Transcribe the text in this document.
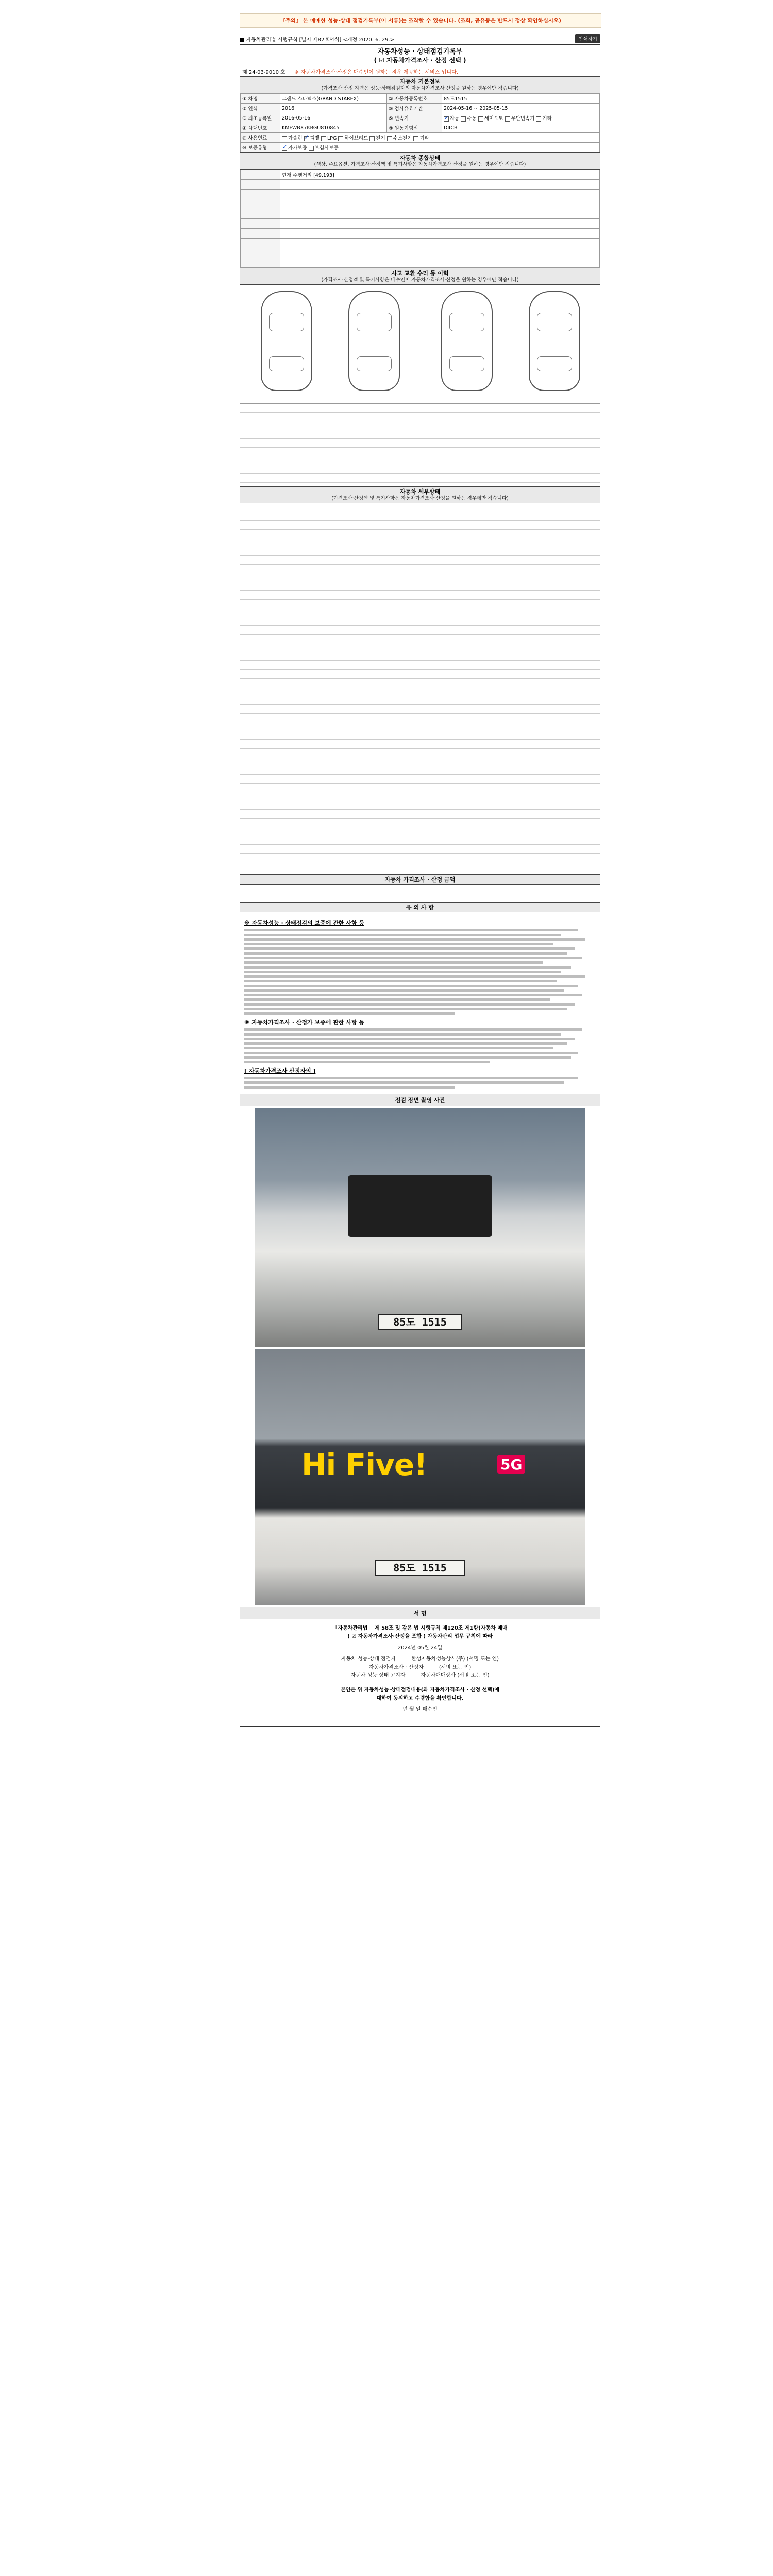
『주의』 본 매매한 성능·상태 점검기록부(이 서류)는 조작할 수 있습니다. (조회, 공유등은 반드시 정상 확인하십시오)
■ 자동차관리법 시행규칙 [별지 제82호서식] <개정 2020. 6. 29.>	인쇄하기
자동차성능 · 상태점검기록부
( ☑ 자동차가격조사 · 산정 선택 )
제 24-03-9010 호 ※ 자동차가격조사·산정은 매수인이 원하는 경우 제공하는 서비스 입니다.
자동차 기본정보
(가격조사·산정 자격은 성능·상태점검자의 자동차가격조사 산정을 원하는 경우에만 적습니다)
① 차명	그랜드 스타렉스(GRAND STAREX)	② 자동차등록번호	85도1515
② 연식	2016	③ 검사유효기간	2024-05-16 ~ 2025-05-15
③ 최초등록일	2016-05-16	⑤ 변속기	✓자동 수동 세미오토 무단변속기 기타
④ 차대번호	KMFWBX7KBGU810845	⑨ 원동기형식	D4CB
⑥ 사용연료	가솔린 ✓ 디젤 LPG 하이브리드 전기 수소전기 기타
⑩ 보증유형	✓자가보증 보험사보증
자동차 종합상태
(색상, 주요옵션, 가격조사·산정액 및 특기사항은 자동차가격조사·산정을 원하는 경우에만 적습니다)
	현재 주행거리 [49,193]	

사고 교환 수리 등 이력
(가격조사·산정액 및 특기사항은 매수인이 자동차가격조사·산정을 원하는 경우에만 적습니다)
자동차 세부상태
(가격조사·산정액 및 특기사항은 자동차가격조사·산정을 원하는 경우에만 적습니다)
자동차 가격조사 · 산정 금액
유 의 사 항
※ 자동차성능 · 상태점검의 보증에 관한 사항 등
※ 자동차가격조사 · 산정가 보증에 관한 사항 등
[ 자동차가격조사 산정자의 ]
점검 장면 촬영 사진
85도 1515
Hi Five!	5G
85도 1515
서 명
「자동차관리법」 제 58조 및 같은 법 시행규칙 제120조 제1항(자동차 매매
( ☑ 자동차가격조사·산정을 포함 ) 자동차관리 업무 규칙에 따라
2024년 05월 24일
자동차 성능·상태 점검자	한성자동차성능상사(주) (서명 또는 인)
자동차가격조사 · 산정자	(서명 또는 인)
자동차 성능·상태 고지자	자동차매매상사 (서명 또는 인)
본인은 위 자동차성능·상태점검내용(와 자동차가격조사 · 산정 선택)에
대하여 동의하고 수령함을 확인합니다.
년 월 일 매수인
